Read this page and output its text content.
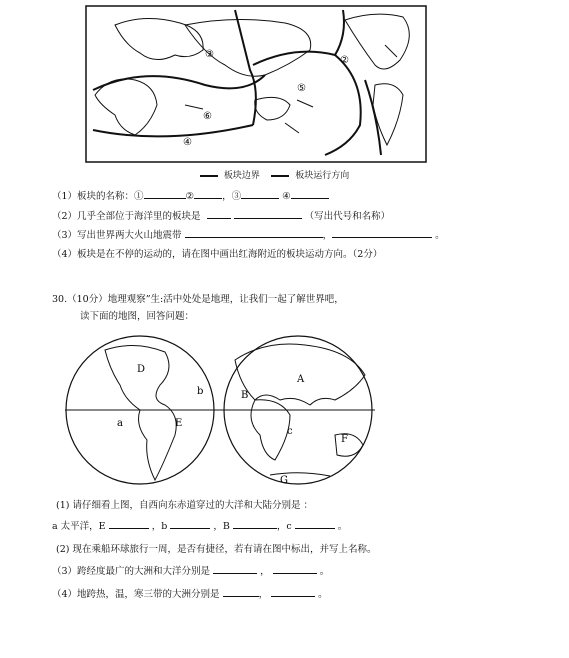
③
②
⑤
⑥
④
板块边界	板块运行方向
（1）板块的名称：①	②	，③	④
（2）几乎全部位于海洋里的板块是	（写出代号和名称）
（3）写出世界两大火山地震带	，	。
（4）板块是在不停的运动的，请在图中画出红海附近的板块运动方向。（2分）
30.（10分）地理观察”生:活中处处是地理，让我们一起了解世界吧，
读下面的地图，回答问题：
D
b
a	E
A
B
c
F
G
(1) 请仔细看上图，自西向东赤道穿过的大洋和大陆分别是 ：
a 太平洋，E	，b	，B	，c	。
(2) 现在乘船环球旅行一周，是否有捷径，若有请在图中标出，并写上名称。
（3）跨经度最广的大洲和大洋分别是	，	。
（4）地跨热，温，寒三带的大洲分别是	，	。
